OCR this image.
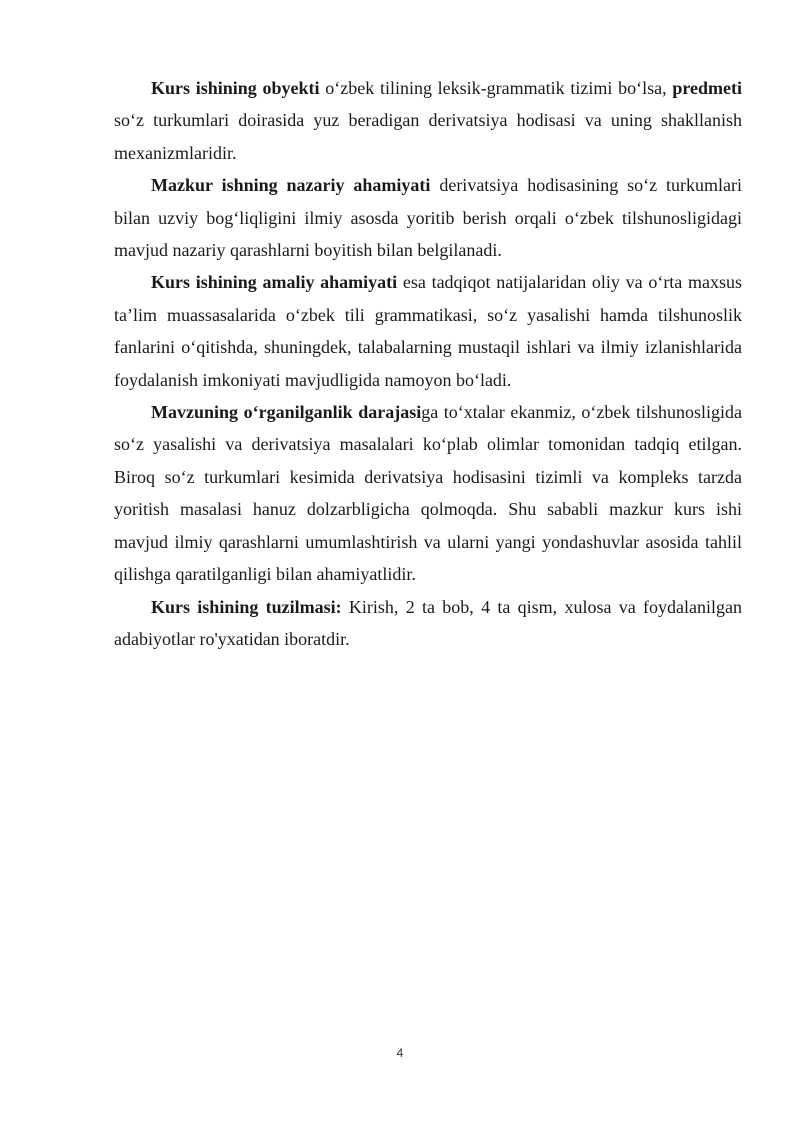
Kurs ishining obyekti o‘zbek tilining leksik-grammatik tizimi bo‘lsa, predmeti so‘z turkumlari doirasida yuz beradigan derivatsiya hodisasi va uning shakllanish mexanizmlaridir.

Mazkur ishning nazariy ahamiyati derivatsiya hodisasining so‘z turkumlari bilan uzviy bog‘liqligini ilmiy asosda yoritib berish orqali o‘zbek tilshunosligidagi mavjud nazariy qarashlarni boyitish bilan belgilanadi.

Kurs ishining amaliy ahamiyati esa tadqiqot natijalaridan oliy va o‘rta maxsus ta’lim muassasalarida o‘zbek tili grammatikasi, so‘z yasalishi hamda tilshunoslik fanlarini o‘qitishda, shuningdek, talabalarning mustaqil ishlari va ilmiy izlanishlarida foydalanish imkoniyati mavjudligida namoyon bo‘ladi.

Mavzuning o‘rganilganlik darajasiga to‘xtalar ekanmiz, o‘zbek tilshunosligida so‘z yasalishi va derivatsiya masalalari ko‘plab olimlar tomonidan tadqiq etilgan. Biroq so‘z turkumlari kesimida derivatsiya hodisasini tizimli va kompleks tarzda yoritish masalasi hanuz dolzarbligicha qolmoqda. Shu sababli mazkur kurs ishi mavjud ilmiy qarashlarni umumlashtirish va ularni yangi yondashuvlar asosida tahlil qilishga qaratilganligi bilan ahamiyatlidir.

Kurs ishining tuzilmasi: Kirish, 2 ta bob, 4 ta qism, xulosa va foydalanilgan adabiyotlar ro'yxatidan iboratdir.

4
